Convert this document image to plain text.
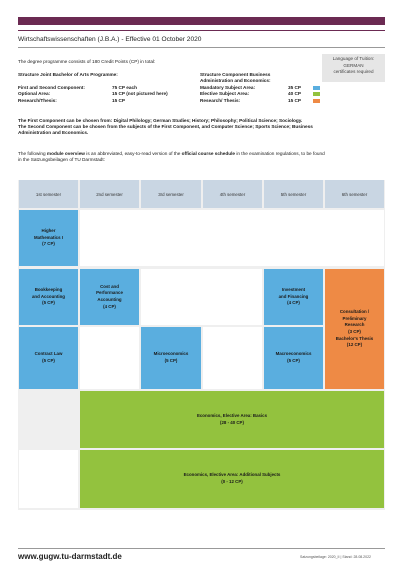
Wirtschaftswissenschaften (J.B.A.) - Effective 01 October 2020
Language of Tuition:
GERMAN
certificates required
The degree programme consists of 180 Credit Points (CP) in total:
Structure Joint Bachelor of Arts Programme:
First and Second Component:	75 CP each
Optional Area:	15 CP (not pictured here)
Research/Thesis:	15 CP
Structure Component Business
Administration and Economics:
Mandatory Subject Area:	35 CP
Elective Subject Area:	40 CP
Research/ Thesis:	15 CP
The First Component can be chosen from: Digital Philology; German Studies; History; Philosophy; Political Science; Sociology.
The Second Component can be chosen from the subjects of the First Component, and Computer Science; Sports Science; Business
Administration and Economics.
The following module overview is an abbreviated, easy-to-read version of the official course schedule in the examination regulations, to be found
in the Satzungsbeilagen of TU Darmstadt:
1st semester	2nd semester	3rd semester	4th semester	5th semester	6th semester
Higher
Mathematics I
(7 CP)
Bookkeeping
and Accounting
(5 CP)
Cost and
Performance
Accounting
(4 CP)
Investment
and Financing
(4 CP)
Consultation /
Preliminary
Research
(3 CP)
Bachelor's Thesis
(12 CP)
Contract Law
(5 CP)
Microeconomics
(5 CP)
Macroeconomics
(5 CP)
Economics, Elective Area: Basics
(28 - 40 CP)
Economics, Elective Area: Additional Subjects
(0 - 12 CP)
www.gugw.tu-darmstadt.de	Satzungsbeilage: 2020_II | Stand: 28.08.2022
